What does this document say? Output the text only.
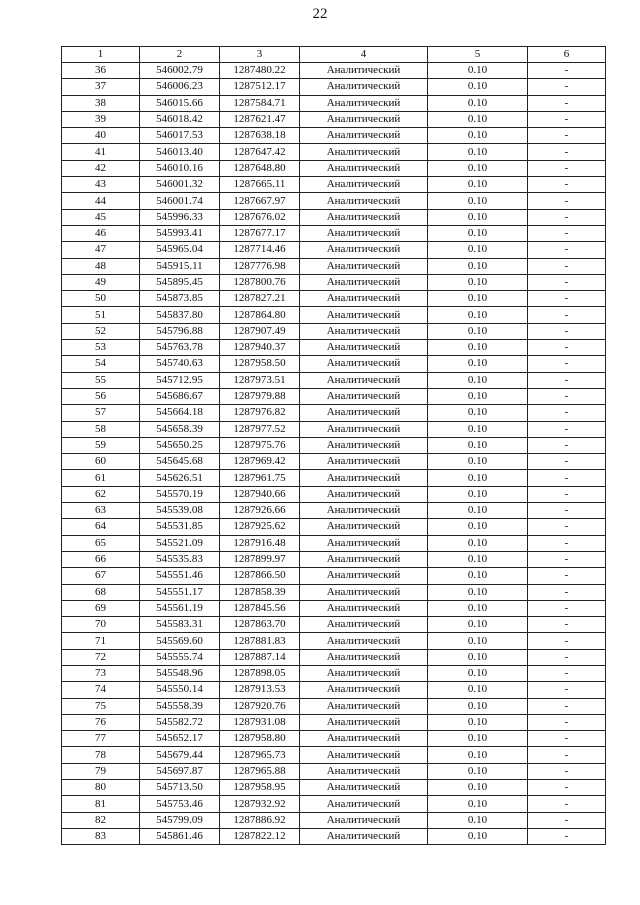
22
1	2	3	4	5	6
36	546002.79	1287480.22	Аналитический	0.10	-
37	546006.23	1287512.17	Аналитический	0.10	-
38	546015.66	1287584.71	Аналитический	0.10	-
39	546018.42	1287621.47	Аналитический	0.10	-
40	546017.53	1287638.18	Аналитический	0.10	-
41	546013.40	1287647.42	Аналитический	0.10	-
42	546010.16	1287648.80	Аналитический	0.10	-
43	546001.32	1287665.11	Аналитический	0.10	-
44	546001.74	1287667.97	Аналитический	0.10	-
45	545996.33	1287676.02	Аналитический	0.10	-
46	545993.41	1287677.17	Аналитический	0.10	-
47	545965.04	1287714.46	Аналитический	0.10	-
48	545915.11	1287776.98	Аналитический	0.10	-
49	545895.45	1287800.76	Аналитический	0.10	-
50	545873.85	1287827.21	Аналитический	0.10	-
51	545837.80	1287864.80	Аналитический	0.10	-
52	545796.88	1287907.49	Аналитический	0.10	-
53	545763.78	1287940.37	Аналитический	0.10	-
54	545740.63	1287958.50	Аналитический	0.10	-
55	545712.95	1287973.51	Аналитический	0.10	-
56	545686.67	1287979.88	Аналитический	0.10	-
57	545664.18	1287976.82	Аналитический	0.10	-
58	545658.39	1287977.52	Аналитический	0.10	-
59	545650.25	1287975.76	Аналитический	0.10	-
60	545645.68	1287969.42	Аналитический	0.10	-
61	545626.51	1287961.75	Аналитический	0.10	-
62	545570.19	1287940.66	Аналитический	0.10	-
63	545539.08	1287926.66	Аналитический	0.10	-
64	545531.85	1287925.62	Аналитический	0.10	-
65	545521.09	1287916.48	Аналитический	0.10	-
66	545535.83	1287899.97	Аналитический	0.10	-
67	545551.46	1287866.50	Аналитический	0.10	-
68	545551.17	1287858.39	Аналитический	0.10	-
69	545561.19	1287845.56	Аналитический	0.10	-
70	545583.31	1287863.70	Аналитический	0.10	-
71	545569.60	1287881.83	Аналитический	0.10	-
72	545555.74	1287887.14	Аналитический	0.10	-
73	545548.96	1287898.05	Аналитический	0.10	-
74	545550.14	1287913.53	Аналитический	0.10	-
75	545558.39	1287920.76	Аналитический	0.10	-
76	545582.72	1287931.08	Аналитический	0.10	-
77	545652.17	1287958.80	Аналитический	0.10	-
78	545679.44	1287965.73	Аналитический	0.10	-
79	545697.87	1287965.88	Аналитический	0.10	-
80	545713.50	1287958.95	Аналитический	0.10	-
81	545753.46	1287932.92	Аналитический	0.10	-
82	545799.09	1287886.92	Аналитический	0.10	-
83	545861.46	1287822.12	Аналитический	0.10	-
